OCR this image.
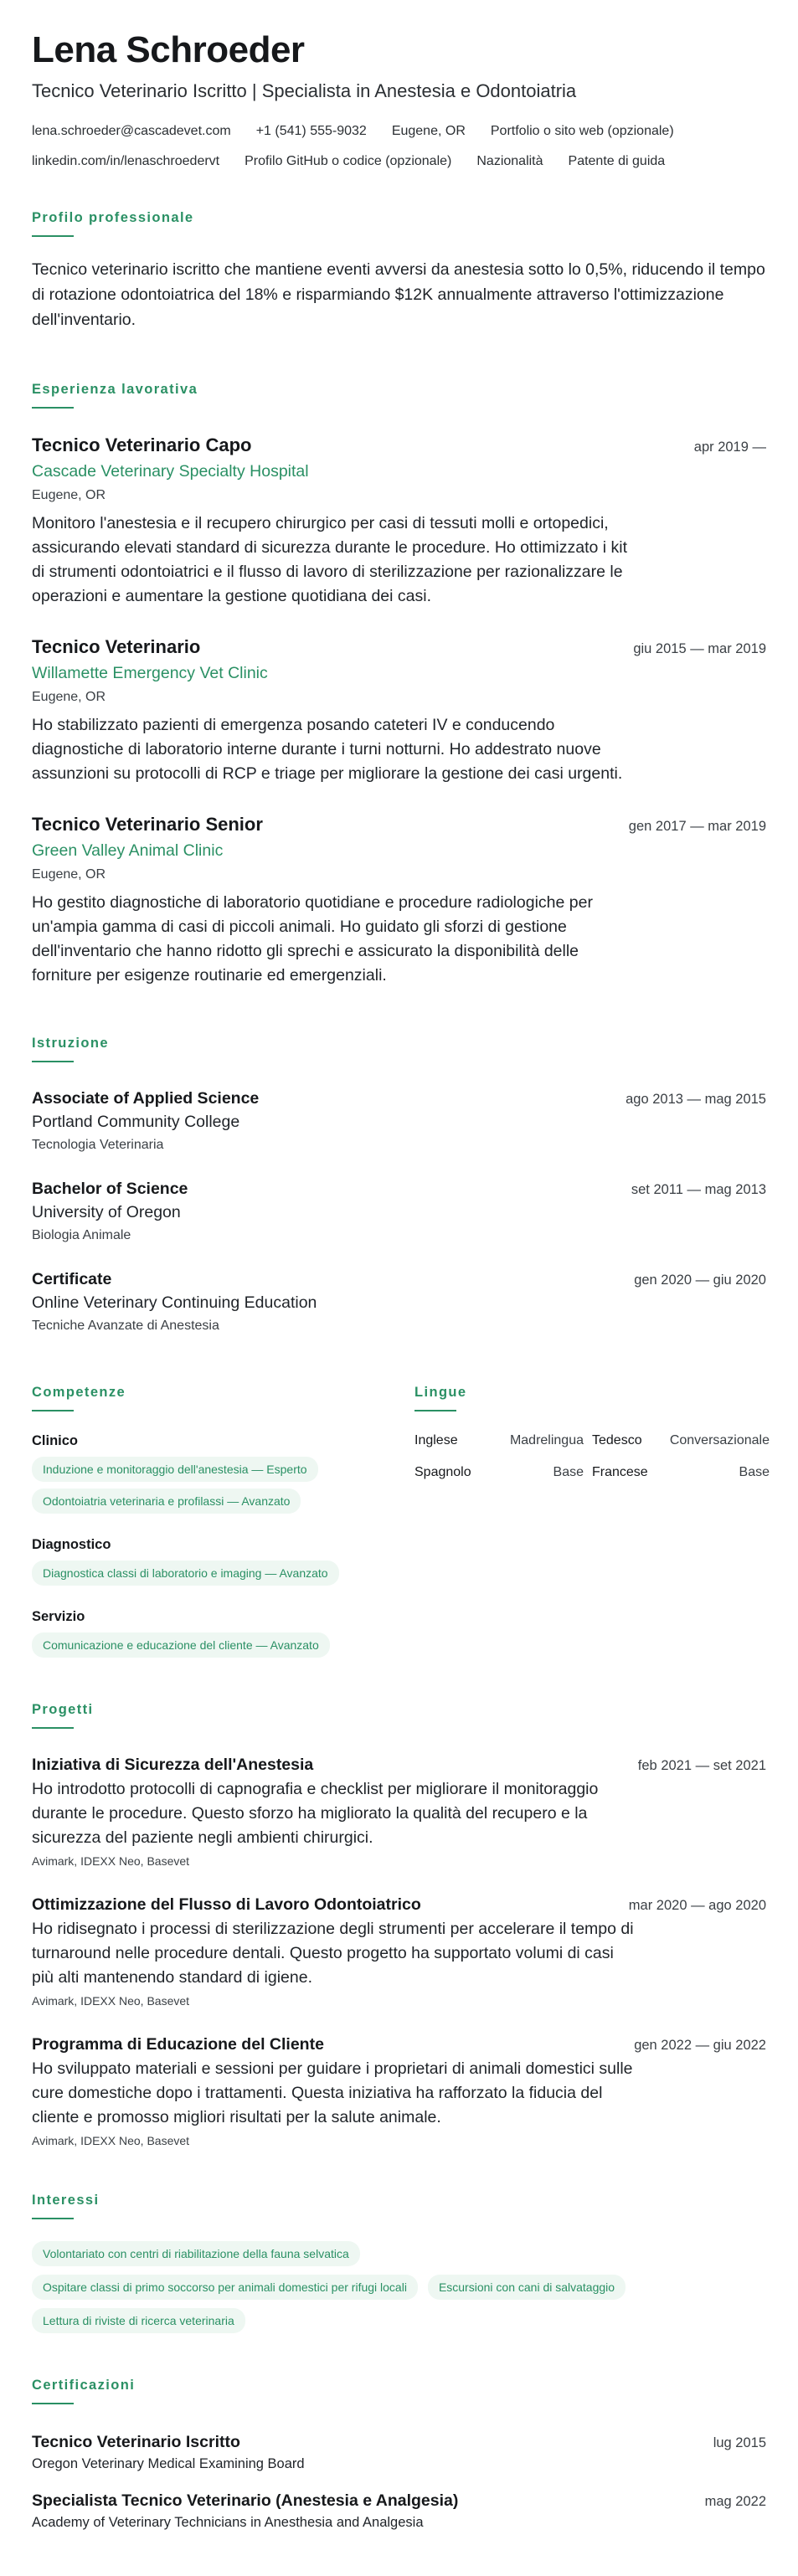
Lena Schroeder
Tecnico Veterinario Iscritto | Specialista in Anestesia e Odontoiatria
lena.schroeder@cascadevet.com +1 (541) 555-9032 Eugene, OR Portfolio o sito web (opzionale)
linkedin.com/in/lenaschroedervt Profilo GitHub o codice (opzionale) Nazionalità Patente di guida
Profilo professionale
Tecnico veterinario iscritto che mantiene eventi avversi da anestesia sotto lo 0,5%, riducendo il tempo di rotazione odontoiatrica del 18% e risparmiando $12K annualmente attraverso l'ottimizzazione dell'inventario.
Esperienza lavorativa
Tecnico Veterinario Capo	apr 2019 —
Cascade Veterinary Specialty Hospital
Eugene, OR
Monitoro l'anestesia e il recupero chirurgico per casi di tessuti molli e ortopedici, assicurando elevati standard di sicurezza durante le procedure. Ho ottimizzato i kit di strumenti odontoiatrici e il flusso di lavoro di sterilizzazione per razionalizzare le operazioni e aumentare la gestione quotidiana dei casi.
Tecnico Veterinario	giu 2015 — mar 2019
Willamette Emergency Vet Clinic
Eugene, OR
Ho stabilizzato pazienti di emergenza posando cateteri IV e conducendo diagnostiche di laboratorio interne durante i turni notturni. Ho addestrato nuove assunzioni su protocolli di RCP e triage per migliorare la gestione dei casi urgenti.
Tecnico Veterinario Senior	gen 2017 — mar 2019
Green Valley Animal Clinic
Eugene, OR
Ho gestito diagnostiche di laboratorio quotidiane e procedure radiologiche per un'ampia gamma di casi di piccoli animali. Ho guidato gli sforzi di gestione dell'inventario che hanno ridotto gli sprechi e assicurato la disponibilità delle forniture per esigenze routinarie ed emergenziali.
Istruzione
Associate of Applied Science	ago 2013 — mag 2015
Portland Community College
Tecnologia Veterinaria
Bachelor of Science	set 2011 — mag 2013
University of Oregon
Biologia Animale
Certificate	gen 2020 — giu 2020
Online Veterinary Continuing Education
Tecniche Avanzate di Anestesia
Competenze
Clinico
Induzione e monitoraggio dell'anestesia — Esperto
Odontoiatria veterinaria e profilassi — Avanzato
Diagnostico
Diagnostica classi di laboratorio e imaging — Avanzato
Servizio
Comunicazione e educazione del cliente — Avanzato
Lingue
Inglese	Madrelingua Tedesco Conversazionale
Spagnolo	Base Francese	Base
Progetti
Iniziativa di Sicurezza dell'Anestesia	feb 2021 — set 2021
Ho introdotto protocolli di capnografia e checklist per migliorare il monitoraggio durante le procedure. Questo sforzo ha migliorato la qualità del recupero e la sicurezza del paziente negli ambienti chirurgici.
Avimark, IDEXX Neo, Basevet
Ottimizzazione del Flusso di Lavoro Odontoiatrico	mar 2020 — ago 2020
Ho ridisegnato i processi di sterilizzazione degli strumenti per accelerare il tempo di turnaround nelle procedure dentali. Questo progetto ha supportato volumi di casi più alti mantenendo standard di igiene.
Avimark, IDEXX Neo, Basevet
Programma di Educazione del Cliente	gen 2022 — giu 2022
Ho sviluppato materiali e sessioni per guidare i proprietari di animali domestici sulle cure domestiche dopo i trattamenti. Questa iniziativa ha rafforzato la fiducia del cliente e promosso migliori risultati per la salute animale.
Avimark, IDEXX Neo, Basevet
Interessi
Volontariato con centri di riabilitazione della fauna selvatica
Ospitare classi di primo soccorso per animali domestici per rifugi locali	Escursioni con cani di salvataggio
Lettura di riviste di ricerca veterinaria
Certificazioni
Tecnico Veterinario Iscritto	lug 2015
Oregon Veterinary Medical Examining Board
Specialista Tecnico Veterinario (Anestesia e Analgesia)	mag 2022
Academy of Veterinary Technicians in Anesthesia and Analgesia
